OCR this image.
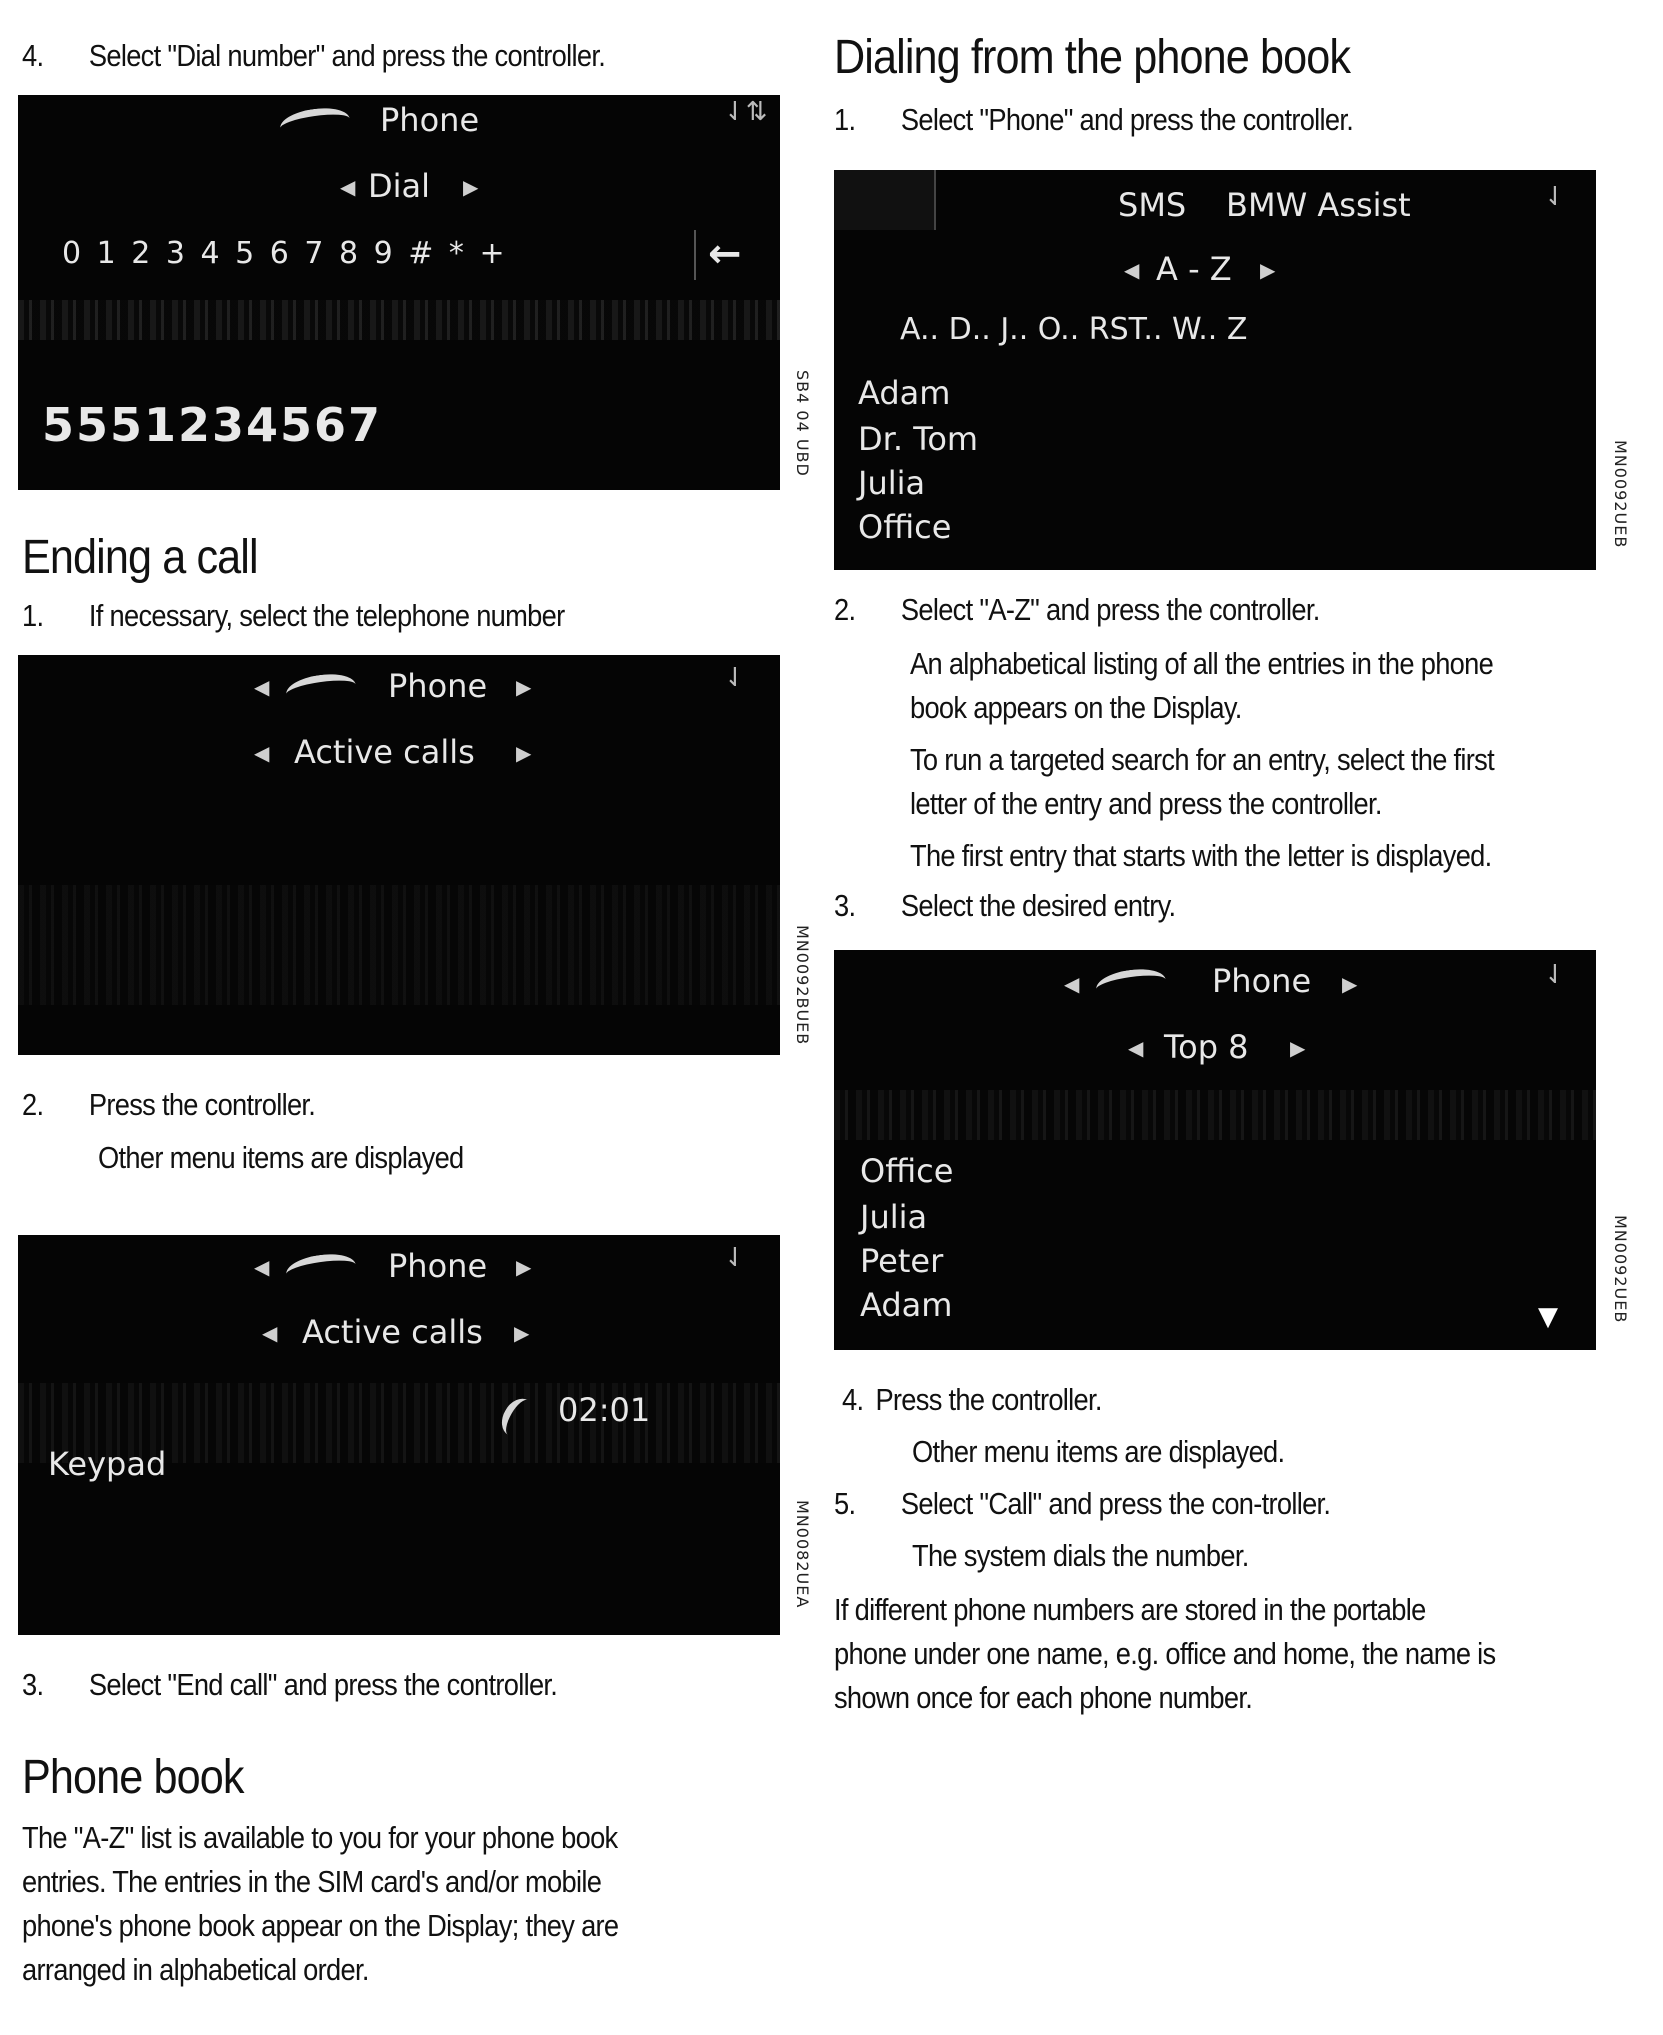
4. Select "Dial number" and press the controller.
Phone	⇃⇅
◀ Dial ▶
0 1 2 3 4 5 6 7 8 9 # * +	←
5551234567	SB4 04 UBD
Ending a call
1. If necessary, select the telephone number
◀	Phone ▶	⇃
◀ Active calls ▶
MN0092BUEB
2. Press the controller.
Other menu items are displayed
◀	Phone ▶	⇃
◀ Active calls ▶
02:01
Keypad
MN0082UEA
3. Select "End call" and press the controller.
Phone book
The "A-Z" list is available to you for your phone book
entries. The entries in the SIM card's and/or mobile
phone's phone book appear on the Display; they are
arranged in alphabetical order.
Dialing from the phone book
1. Select "Phone" and press the controller.
SMS BMW Assist	⇃
◀ A - Z ▶
A.. D.. J.. O.. RST.. W.. Z
Adam
Dr. Tom
Julia
Office	MN0092UEB
2. Select "A-Z" and press the controller.
An alphabetical listing of all the entries in the phone
book appears on the Display.
To run a targeted search for an entry, select the first
letter of the entry and press the controller.
The first entry that starts with the letter is displayed.
3. Select the desired entry.
◀	Phone ▶	⇃
◀ Top 8 ▶
Office
Julia
Peter
Adam	▼	MN0092UEB
4. Press the controller.
Other menu items are displayed.
5. Select "Call" and press the con-troller.
The system dials the number.
If different phone numbers are stored in the portable
phone under one name, e.g. office and home, the name is
shown once for each phone number.
